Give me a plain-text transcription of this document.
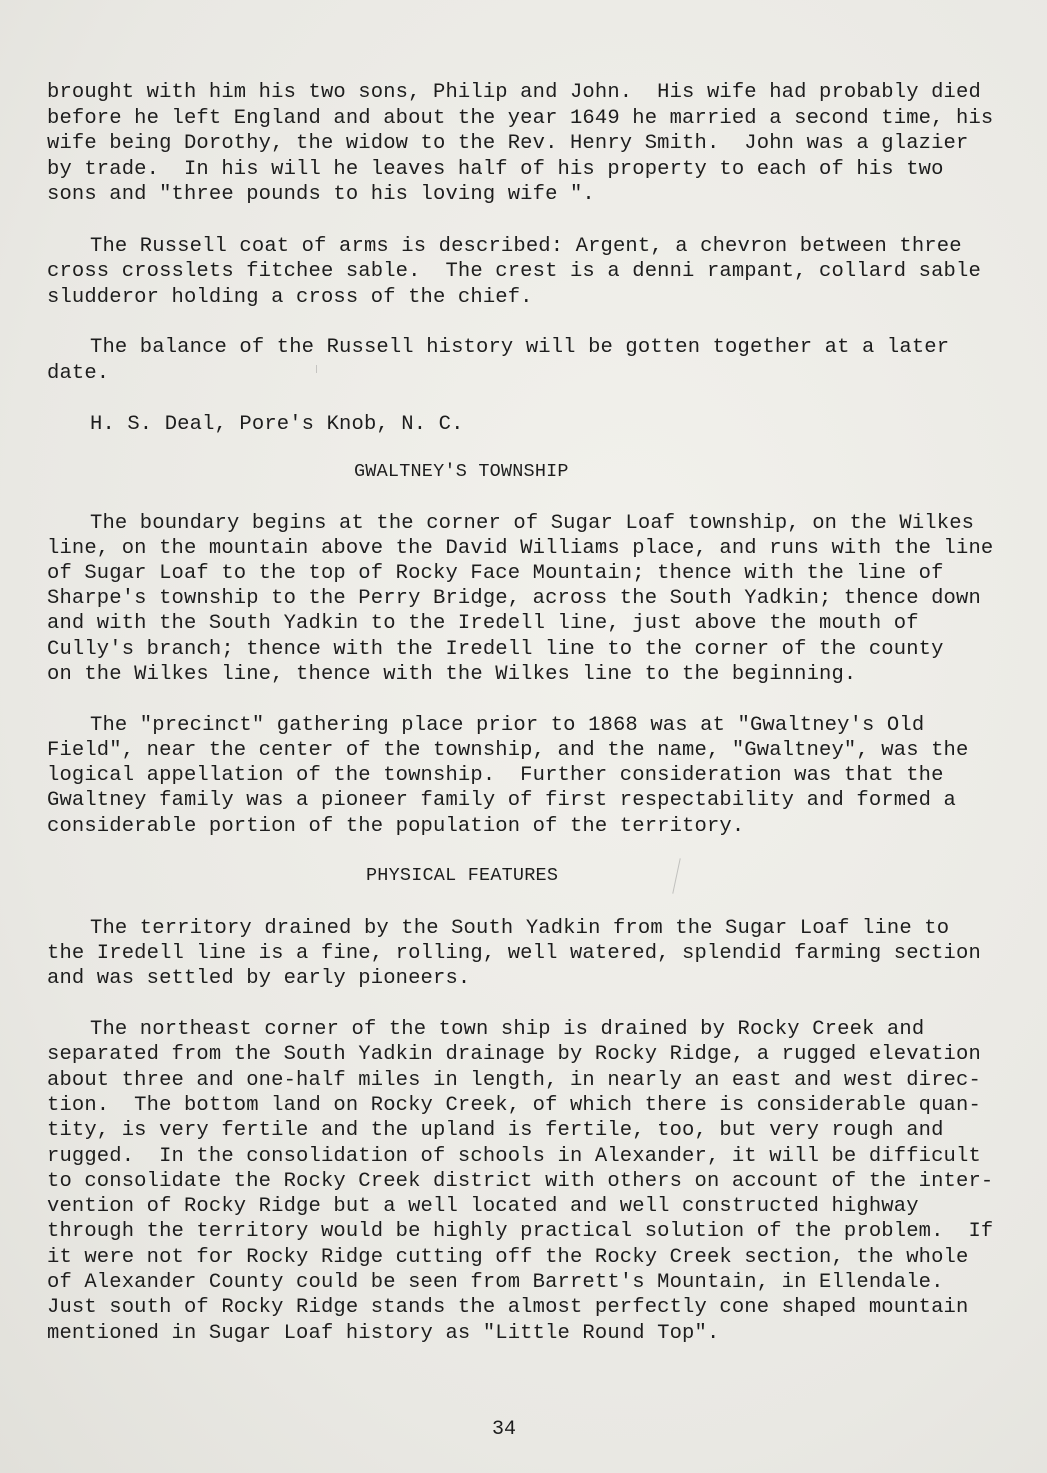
brought with him his two sons, Philip and John.  His wife had probably died
before he left England and about the year 1649 he married a second time, his
wife being Dorothy, the widow to the Rev. Henry Smith.  John was a glazier
by trade.  In his will he leaves half of his property to each of his two
sons and "three pounds to his loving wife ".
The Russell coat of arms is described: Argent, a chevron between three
cross crosslets fitchee sable.  The crest is a denni rampant, collard sable
sludderor holding a cross of the chief.
The balance of the Russell history will be gotten together at a later
date.
H. S. Deal, Pore's Knob, N. C.
The boundary begins at the corner of Sugar Loaf township, on the Wilkes
line, on the mountain above the David Williams place, and runs with the line
of Sugar Loaf to the top of Rocky Face Mountain; thence with the line of
Sharpe's township to the Perry Bridge, across the South Yadkin; thence down
and with the South Yadkin to the Iredell line, just above the mouth of
Cully's branch; thence with the Iredell line to the corner of the county
on the Wilkes line, thence with the Wilkes line to the beginning.
The "precinct" gathering place prior to 1868 was at "Gwaltney's Old
Field", near the center of the township, and the name, "Gwaltney", was the
logical appellation of the township.  Further consideration was that the
Gwaltney family was a pioneer family of first respectability and formed a
considerable portion of the population of the territory.
The territory drained by the South Yadkin from the Sugar Loaf line to
the Iredell line is a fine, rolling, well watered, splendid farming section
and was settled by early pioneers.
The northeast corner of the town ship is drained by Rocky Creek and
separated from the South Yadkin drainage by Rocky Ridge, a rugged elevation
about three and one-half miles in length, in nearly an east and west direc-
tion.  The bottom land on Rocky Creek, of which there is considerable quan-
tity, is very fertile and the upland is fertile, too, but very rough and
rugged.  In the consolidation of schools in Alexander, it will be difficult
to consolidate the Rocky Creek district with others on account of the inter-
vention of Rocky Ridge but a well located and well constructed highway
through the territory would be highly practical solution of the problem.  If
it were not for Rocky Ridge cutting off the Rocky Creek section, the whole
of Alexander County could be seen from Barrett's Mountain, in Ellendale.
Just south of Rocky Ridge stands the almost perfectly cone shaped mountain
mentioned in Sugar Loaf history as "Little Round Top".
GWALTNEY'S TOWNSHIP
PHYSICAL FEATURES
34
